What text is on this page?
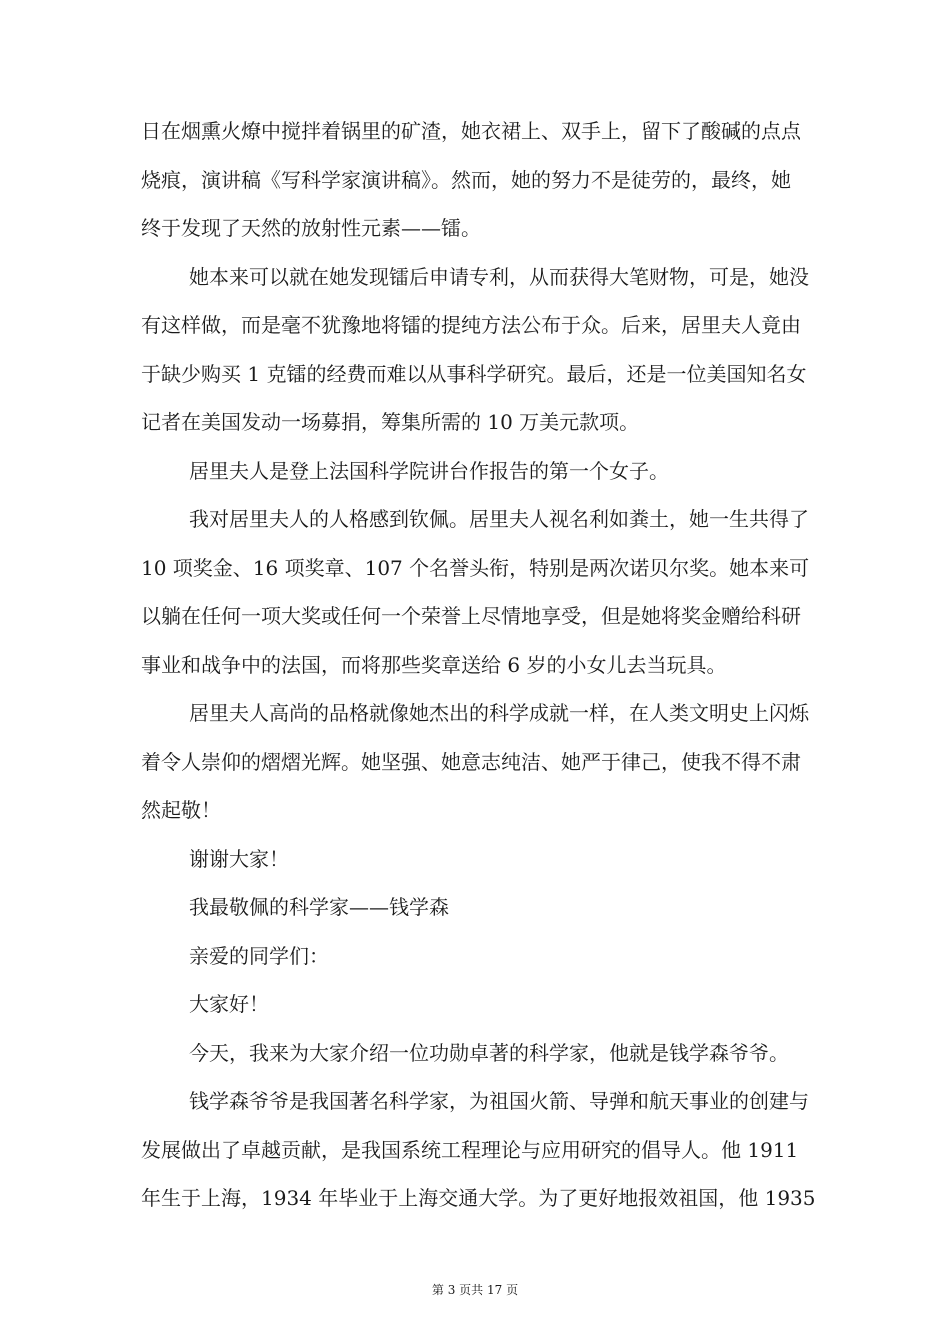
日在烟熏火燎中搅拌着锅里的矿渣，她衣裙上、双手上，留下了酸碱的点点
烧痕，演讲稿《写科学家演讲稿》。然而，她的努力不是徒劳的，最终，她
终于发现了天然的放射性元素——镭。
她本来可以就在她发现镭后申请专利，从而获得大笔财物，可是，她没
有这样做，而是毫不犹豫地将镭的提纯方法公布于众。后来，居里夫人竟由
于缺少购买 1 克镭的经费而难以从事科学研究。最后，还是一位美国知名女
记者在美国发动一场募捐，筹集所需的 10 万美元款项。
居里夫人是登上法国科学院讲台作报告的第一个女子。
我对居里夫人的人格感到钦佩。居里夫人视名利如粪土，她一生共得了
10 项奖金、16 项奖章、107 个名誉头衔，特别是两次诺贝尔奖。她本来可
以躺在任何一项大奖或任何一个荣誉上尽情地享受，但是她将奖金赠给科研
事业和战争中的法国，而将那些奖章送给 6 岁的小女儿去当玩具。
居里夫人高尚的品格就像她杰出的科学成就一样，在人类文明史上闪烁
着令人崇仰的熠熠光辉。她坚强、她意志纯洁、她严于律己，使我不得不肃
然起敬！
谢谢大家！
我最敬佩的科学家——钱学森
亲爱的同学们：
大家好！
今天，我来为大家介绍一位功勋卓著的科学家，他就是钱学森爷爷。
钱学森爷爷是我国著名科学家，为祖国火箭、导弹和航天事业的创建与
发展做出了卓越贡献，是我国系统工程理论与应用研究的倡导人。他 1911
年生于上海，1934 年毕业于上海交通大学。为了更好地报效祖国，他 1935
第 3 页共 17 页
